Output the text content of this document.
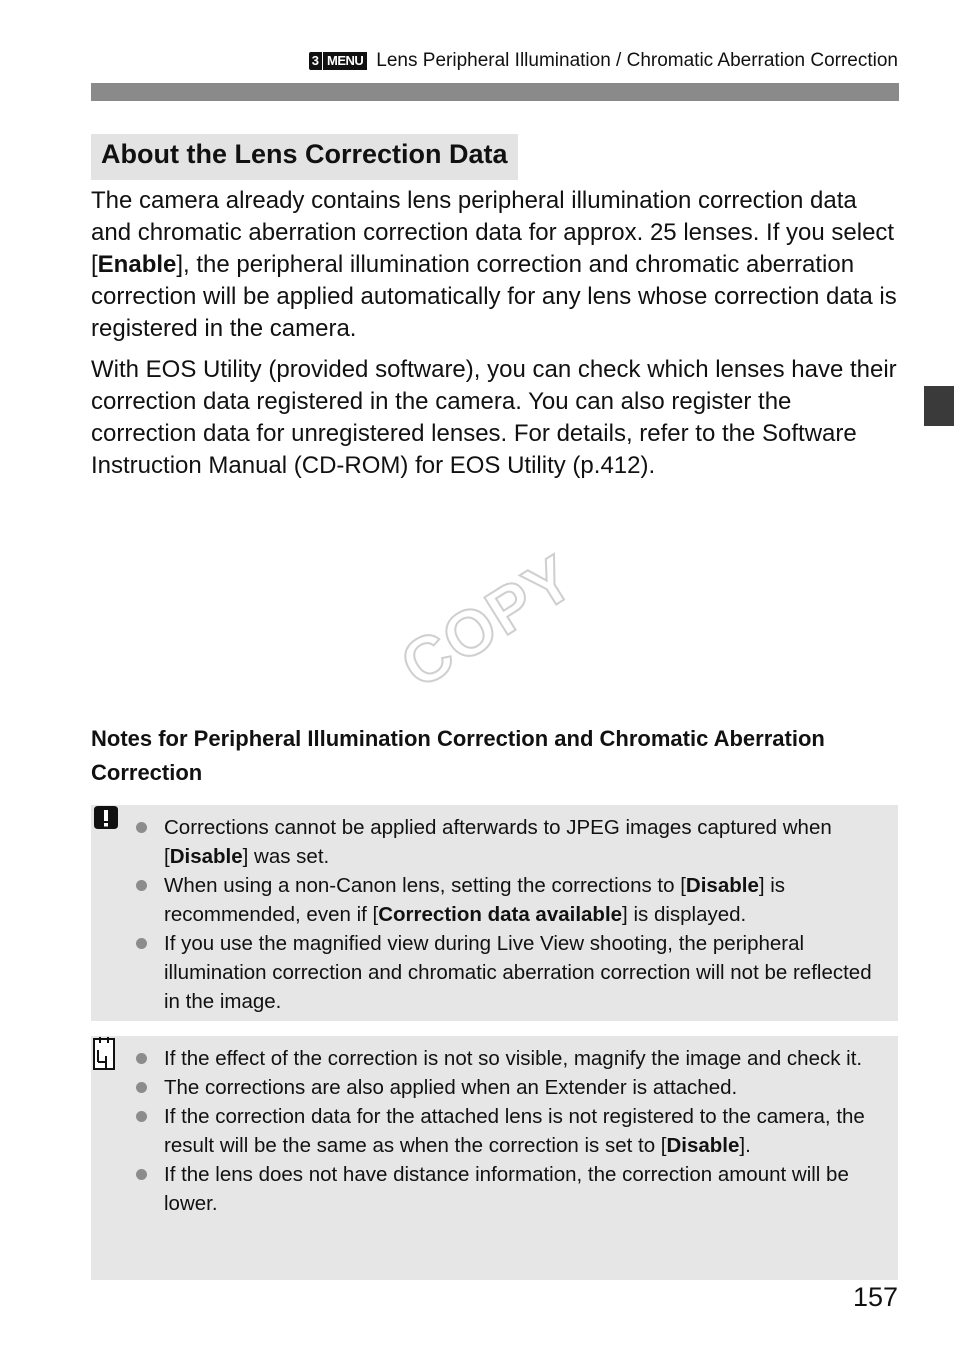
3 MENU Lens Peripheral Illumination / Chromatic Aberration Correction
About the Lens Correction Data

The camera already contains lens peripheral illumination correction data and chromatic aberration correction data for approx. 25 lenses. If you select [Enable], the peripheral illumination correction and chromatic aberration correction will be applied automatically for any lens whose correction data is registered in the camera.

With EOS Utility (provided software), you can check which lenses have their correction data registered in the camera. You can also register the correction data for unregistered lenses. For details, refer to the Software Instruction Manual (CD-ROM) for EOS Utility (p.412).

COPY

Notes for Peripheral Illumination Correction and Chromatic Aberration Correction

Corrections cannot be applied afterwards to JPEG images captured when [Disable] was set.
When using a non-Canon lens, setting the corrections to [Disable] is recommended, even if [Correction data available] is displayed.
If you use the magnified view during Live View shooting, the peripheral illumination correction and chromatic aberration correction will not be reflected in the image.
If the effect of the correction is not so visible, magnify the image and check it.
The corrections are also applied when an Extender is attached.
If the correction data for the attached lens is not registered to the camera, the result will be the same as when the correction is set to [Disable].
If the lens does not have distance information, the correction amount will be lower.
157
